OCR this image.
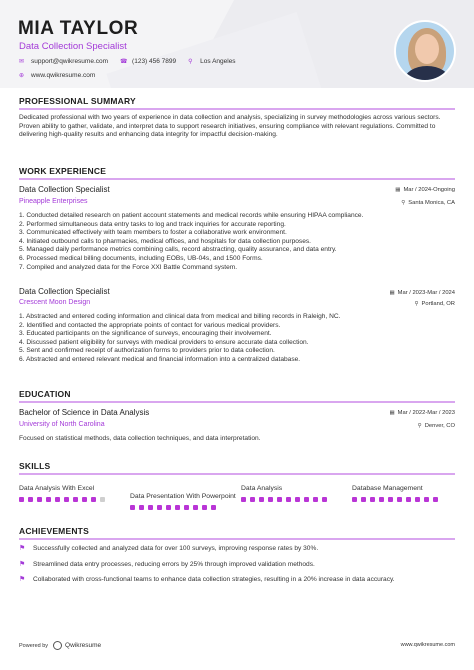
MIA TAYLOR
Data Collection Specialist
✉	support@qwikresume.com ☎ (123) 456 7899 ⚲	Los Angeles
⊕	www.qwikresume.com
PROFESSIONAL SUMMARY
Dedicated professional with two years of experience in data collection and analysis, specializing in survey methodologies across various sectors. Proven ability to gather, validate, and interpret data to support research initiatives, ensuring compliance with relevant regulations. Committed to delivering high-quality results and enhancing data integrity for impactful decision-making.
WORK EXPERIENCE
Data Collection Specialist
Pineapple Enterprises
▦ Mar / 2024-Ongoing
⚲ Santa Monica, CA
1. Conducted detailed research on patient account statements and medical records while ensuring HIPAA compliance.
2. Performed simultaneous data entry tasks to log and track inquiries for accurate reporting.
3. Communicated effectively with team members to foster a collaborative work environment.
4. Initiated outbound calls to pharmacies, medical offices, and hospitals for data collection purposes.
5. Managed daily performance metrics combining calls, record abstracting, quality assurance, and data entry.
6. Processed medical billing documents, including EOBs, UB-04s, and 1500 Forms.
7. Compiled and analyzed data for the Force XXI Battle Command system.
Data Collection Specialist
Crescent Moon Design
▦ Mar / 2023-Mar / 2024
⚲ Portland, OR
1. Abstracted and entered coding information and clinical data from medical and billing records in Raleigh, NC.
2. Identified and contacted the appropriate points of contact for various medical providers.
3. Educated participants on the significance of surveys, encouraging their involvement.
4. Discussed patient eligibility for surveys with medical providers to ensure accurate data collection.
5. Sent and confirmed receipt of authorization forms to providers prior to data collection.
6. Abstracted and entered relevant medical and financial information into a centralized database.
EDUCATION
Bachelor of Science in Data Analysis
University of North Carolina
▦ Mar / 2022-Mar / 2023
⚲ Denver, CO
Focused on statistical methods, data collection techniques, and data interpretation.
SKILLS
Data Analysis With Excel
Data Presentation With Powerpoint
Data Analysis	Database Management
ACHIEVEMENTS
⚑	Successfully collected and analyzed data for over 100 surveys, improving response rates by 30%.
⚑	Streamlined data entry processes, reducing errors by 25% through improved validation methods.
⚑	Collaborated with cross-functional teams to enhance data collection strategies, resulting in a 20% increase in data accuracy.
Powered by	Qwikresume	www.qwikresume.com
